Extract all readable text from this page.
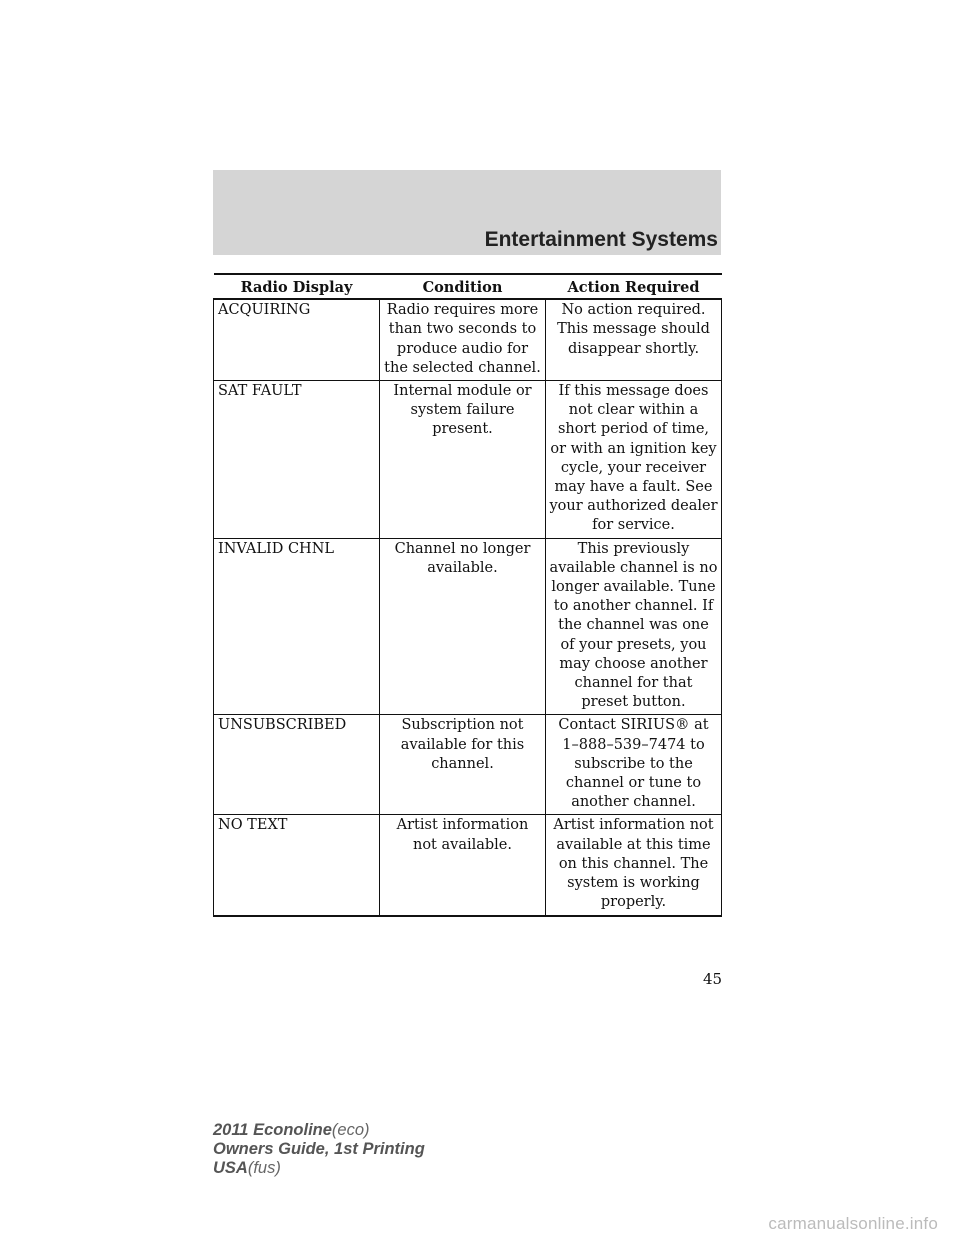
Entertainment Systems
Radio Display	Condition	Action Required
ACQUIRING	Radio requires more than two seconds to produce audio for the selected channel.	No action required. This message should disappear shortly.
SAT FAULT	Internal module or system failure present.	If this message does not clear within a short period of time, or with an ignition key cycle, your receiver may have a fault. See your authorized dealer for service.
INVALID CHNL	Channel no longer available.	This previously available channel is no longer available. Tune to another channel. If the channel was one of your presets, you may choose another channel for that preset button.
UNSUBSCRIBED	Subscription not available for this channel.	Contact SIRIUS® at 1–888–539–7474 to subscribe to the channel or tune to another channel.
NO TEXT	Artist information not available.	Artist information not available at this time on this channel. The system is working properly.
45
2011 Econoline(eco)
Owners Guide, 1st Printing
USA(fus)
carmanualsonline.info
